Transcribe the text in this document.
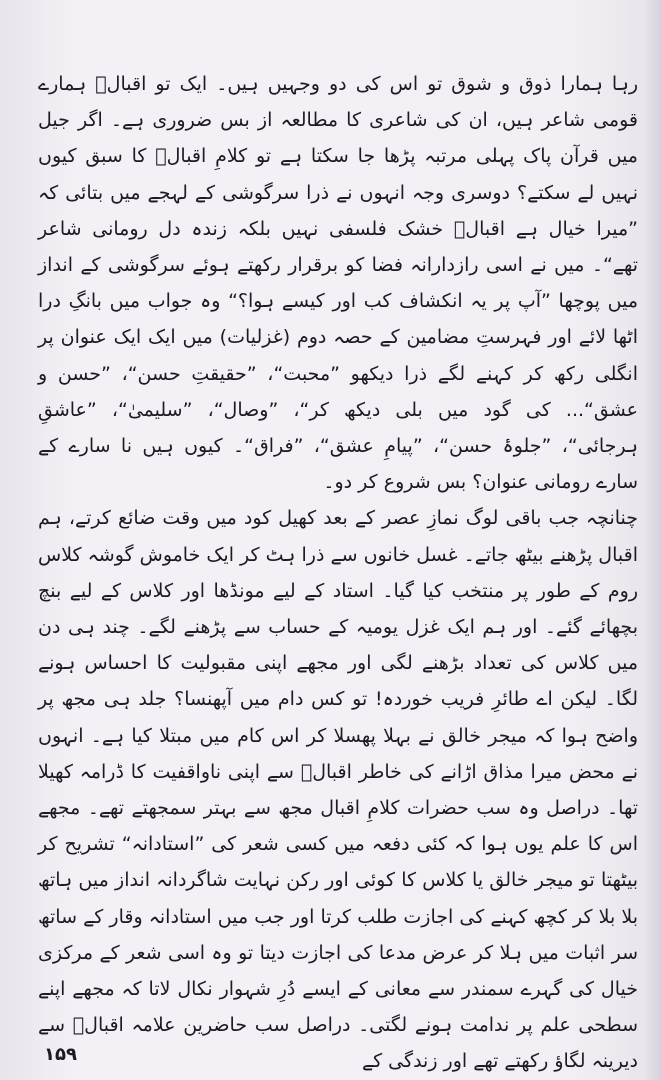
رہا ہمارا ذوق و شوق تو اس کی دو وجہیں ہیں۔ ایک تو اقبالؒ ہمارے قومی شاعر ہیں، ان کی شاعری کا مطالعہ از بس ضروری ہے۔ اگر جیل میں قرآن پاک پہلی مرتبہ پڑھا جا سکتا ہے تو کلامِ اقبالؒ کا سبق کیوں نہیں لے سکتے؟ دوسری وجہ انہوں نے ذرا سرگوشی کے لہجے میں بتائی کہ ”میرا خیال ہے اقبالؒ خشک فلسفی نہیں بلکہ زندہ دل رومانی شاعر تھے“۔ میں نے اسی رازدارانہ فضا کو برقرار رکھتے ہوئے سرگوشی کے انداز میں پوچھا ”آپ پر یہ انکشاف کب اور کیسے ہوا؟“ وہ جواب میں بانگِ درا اٹھا لائے اور فہرستِ مضامین کے حصہ دوم (غزلیات) میں ایک ایک عنوان پر انگلی رکھ کر کہنے لگے ذرا دیکھو ”محبت“، ”حقیقتِ حسن“، ”حسن و عشق“... کی گود میں بلی دیکھ کر“، ”وصال“، ”سلیمیٰ“، ”عاشقِ ہرجائی“، ”جلوۂ حسن“، ”پیامِ عشق“، ”فراق“۔ کیوں ہیں نا سارے کے سارے رومانی عنوان؟ بس شروع کر دو۔

چنانچہ جب باقی لوگ نمازِ عصر کے بعد کھیل کود میں وقت ضائع کرتے، ہم اقبال پڑھنے بیٹھ جاتے۔ غسل خانوں سے ذرا ہٹ کر ایک خاموش گوشہ کلاس روم کے طور پر منتخب کیا گیا۔ استاد کے لیے مونڈھا اور کلاس کے لیے بنچ بچھائے گئے۔ اور ہم ایک غزل یومیہ کے حساب سے پڑھنے لگے۔ چند ہی دن میں کلاس کی تعداد بڑھنے لگی اور مجھے اپنی مقبولیت کا احساس ہونے لگا۔ لیکن اے طائرِ فریب خوردہ! تو کس دام میں آپھنسا؟ جلد ہی مجھ پر واضح ہوا کہ میجر خالق نے بہلا پھسلا کر اس کام میں مبتلا کیا ہے۔ انہوں نے محض میرا مذاق اڑانے کی خاطر اقبالؒ سے اپنی ناواقفیت کا ڈرامہ کھیلا تھا۔ دراصل وہ سب حضرات کلامِ اقبال مجھ سے بہتر سمجھتے تھے۔ مجھے اس کا علم یوں ہوا کہ کئی دفعہ میں کسی شعر کی ”استادانہ“ تشریح کر بیٹھتا تو میجر خالق یا کلاس کا کوئی اور رکن نہایت شاگردانہ انداز میں ہاتھ بلا بلا کر کچھ کہنے کی اجازت طلب کرتا اور جب میں استادانہ وقار کے ساتھ سر اثبات میں ہلا کر عرض مدعا کی اجازت دیتا تو وہ اسی شعر کے مرکزی خیال کی گہرے سمندر سے معانی کے ایسے دُرِ شہوار نکال لاتا کہ مجھے اپنے سطحی علم پر ندامت ہونے لگتی۔ دراصل سب حاضرین علامہ اقبالؒ سے دیرینہ لگاؤ رکھتے تھے اور زندگی کے

۱۵۹
